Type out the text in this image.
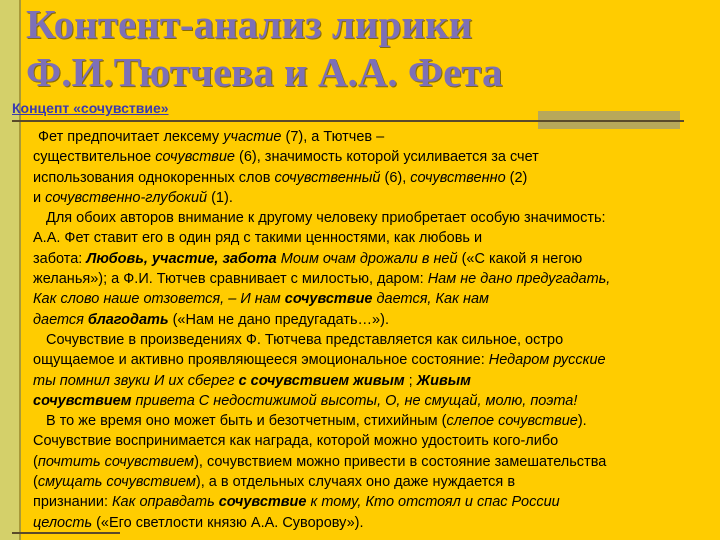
Контент-анализ лирики
Ф.И.Тютчева и А.А. Фета
Концепт «сочувствие»
Фет предпочитает лексему участие (7), а Тютчев –
существительное сочувствие (6), значимость которой усиливается за счет
использования однокоренных слов сочувственный (6), сочувственно (2)
и сочувственно-глубокий (1).
Для обоих авторов внимание к другому человеку приобретает особую значимость:
А.А. Фет ставит его в один ряд с такими ценностями, как любовь и
забота: Любовь, участие, забота Моим очам дрожали в ней («С какой я негою
желанья»); а Ф.И. Тютчев сравнивает с милостью, даром: Нам не дано предугадать,
Как слово наше отзовется, – И нам сочувствие дается, Как нам
дается благодать («Нам не дано предугадать…»).
Сочувствие в произведениях Ф. Тютчева представляется как сильное, остро
ощущаемое и активно проявляющееся эмоциональное состояние: Недаром русские
ты помнил звуки И их сберег с сочувствием живым ; Живым
сочувствием привета С недостижимой высоты, О, не смущай, молю, поэта!
В то же время оно может быть и безотчетным, стихийным (слепое сочувствие).
Сочувствие воспринимается как награда, которой можно удостоить кого-либо
(почтить сочувствием), сочувствием можно привести в состояние замешательства
(смущать сочувствием), а в отдельных случаях оно даже нуждается в
признании: Как оправдать сочувствие к тому, Кто отстоял и спас России
целость («Его светлости князю А.А. Суворову»).
